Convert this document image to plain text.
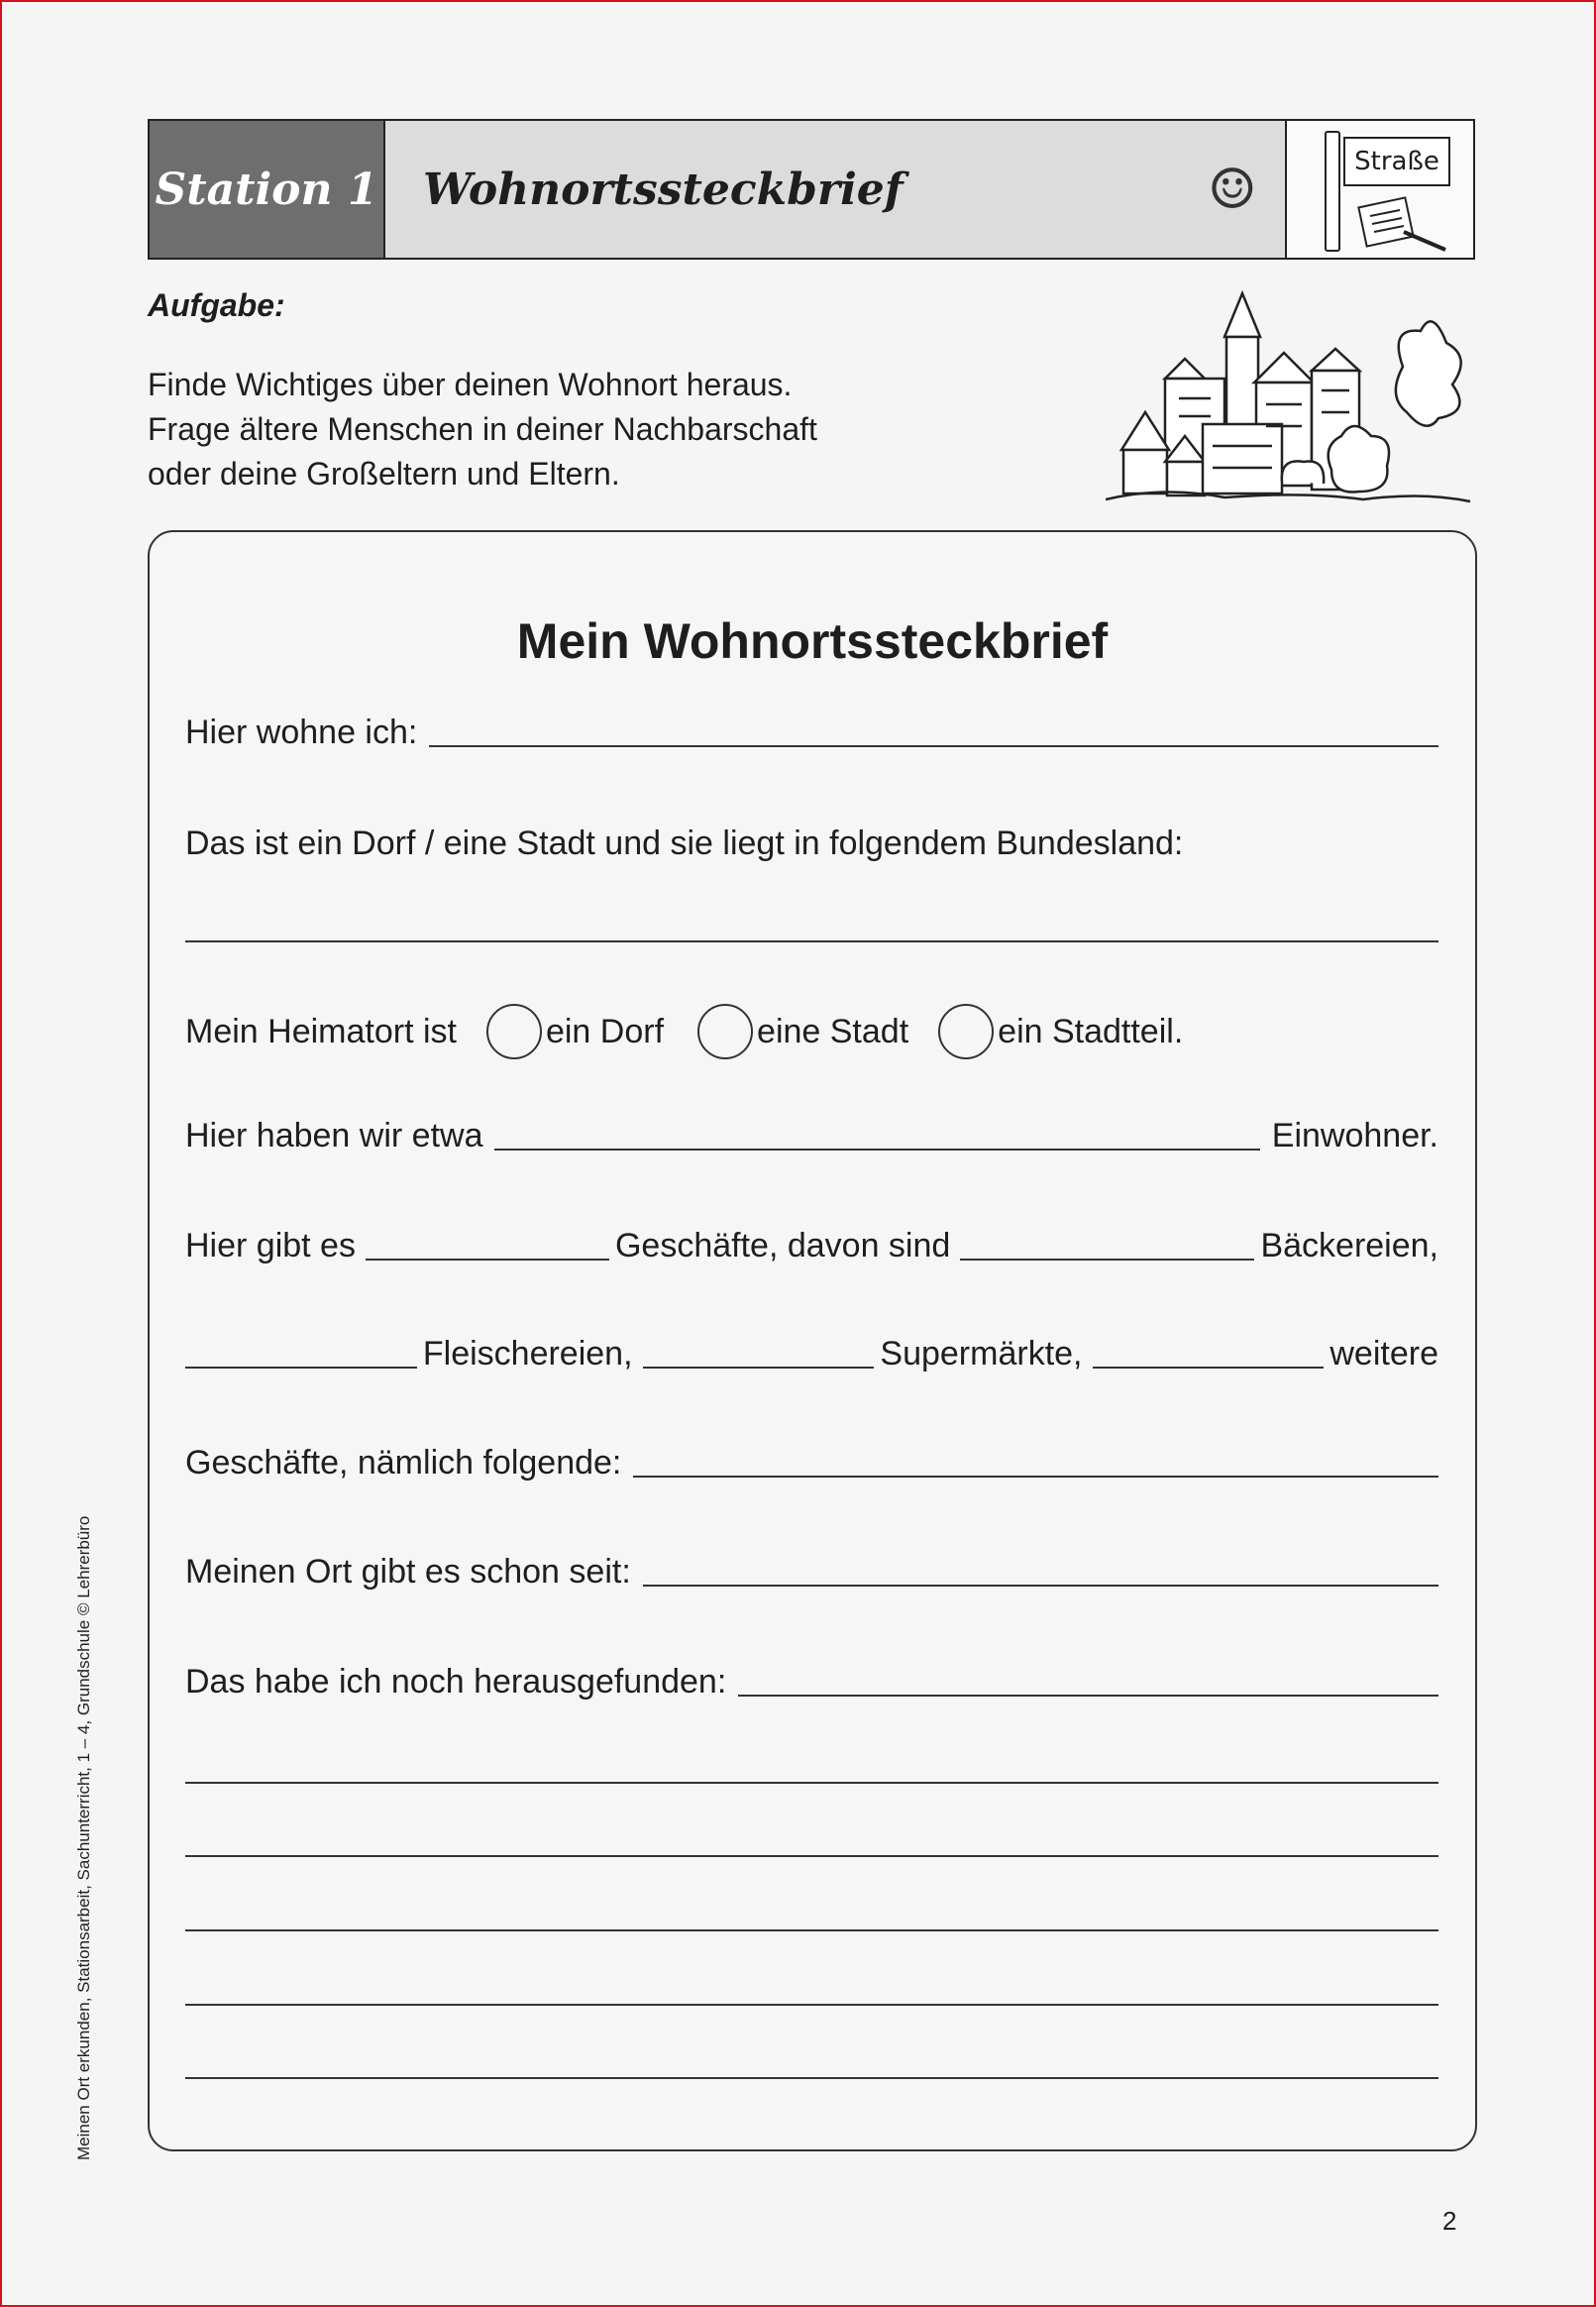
Station 1 Wohnortssteckbrief	☺	Straße
Aufgabe:
Finde Wichtiges über deinen Wohnort heraus.
Frage ältere Menschen in deiner Nachbarschaft
oder deine Großeltern und Eltern.
Mein Wohnortssteckbrief
Hier wohne ich:
Das ist ein Dorf / eine Stadt und sie liegt in folgendem Bundesland:
Mein Heimatort ist	ein Dorf	eine Stadt	ein Stadtteil.
Hier haben wir etwa	Einwohner.
Hier gibt es	Geschäfte, davon sind	Bäckereien,
Fleischereien,	Supermärkte,	weitere
Geschäfte, nämlich folgende:
Meinen Ort gibt es schon seit:
Das habe ich noch herausgefunden:
Meinen Ort erkunden, Stationsarbeit, Sachunterricht, 1 – 4, Grundschule © Lehrerbüro
2
